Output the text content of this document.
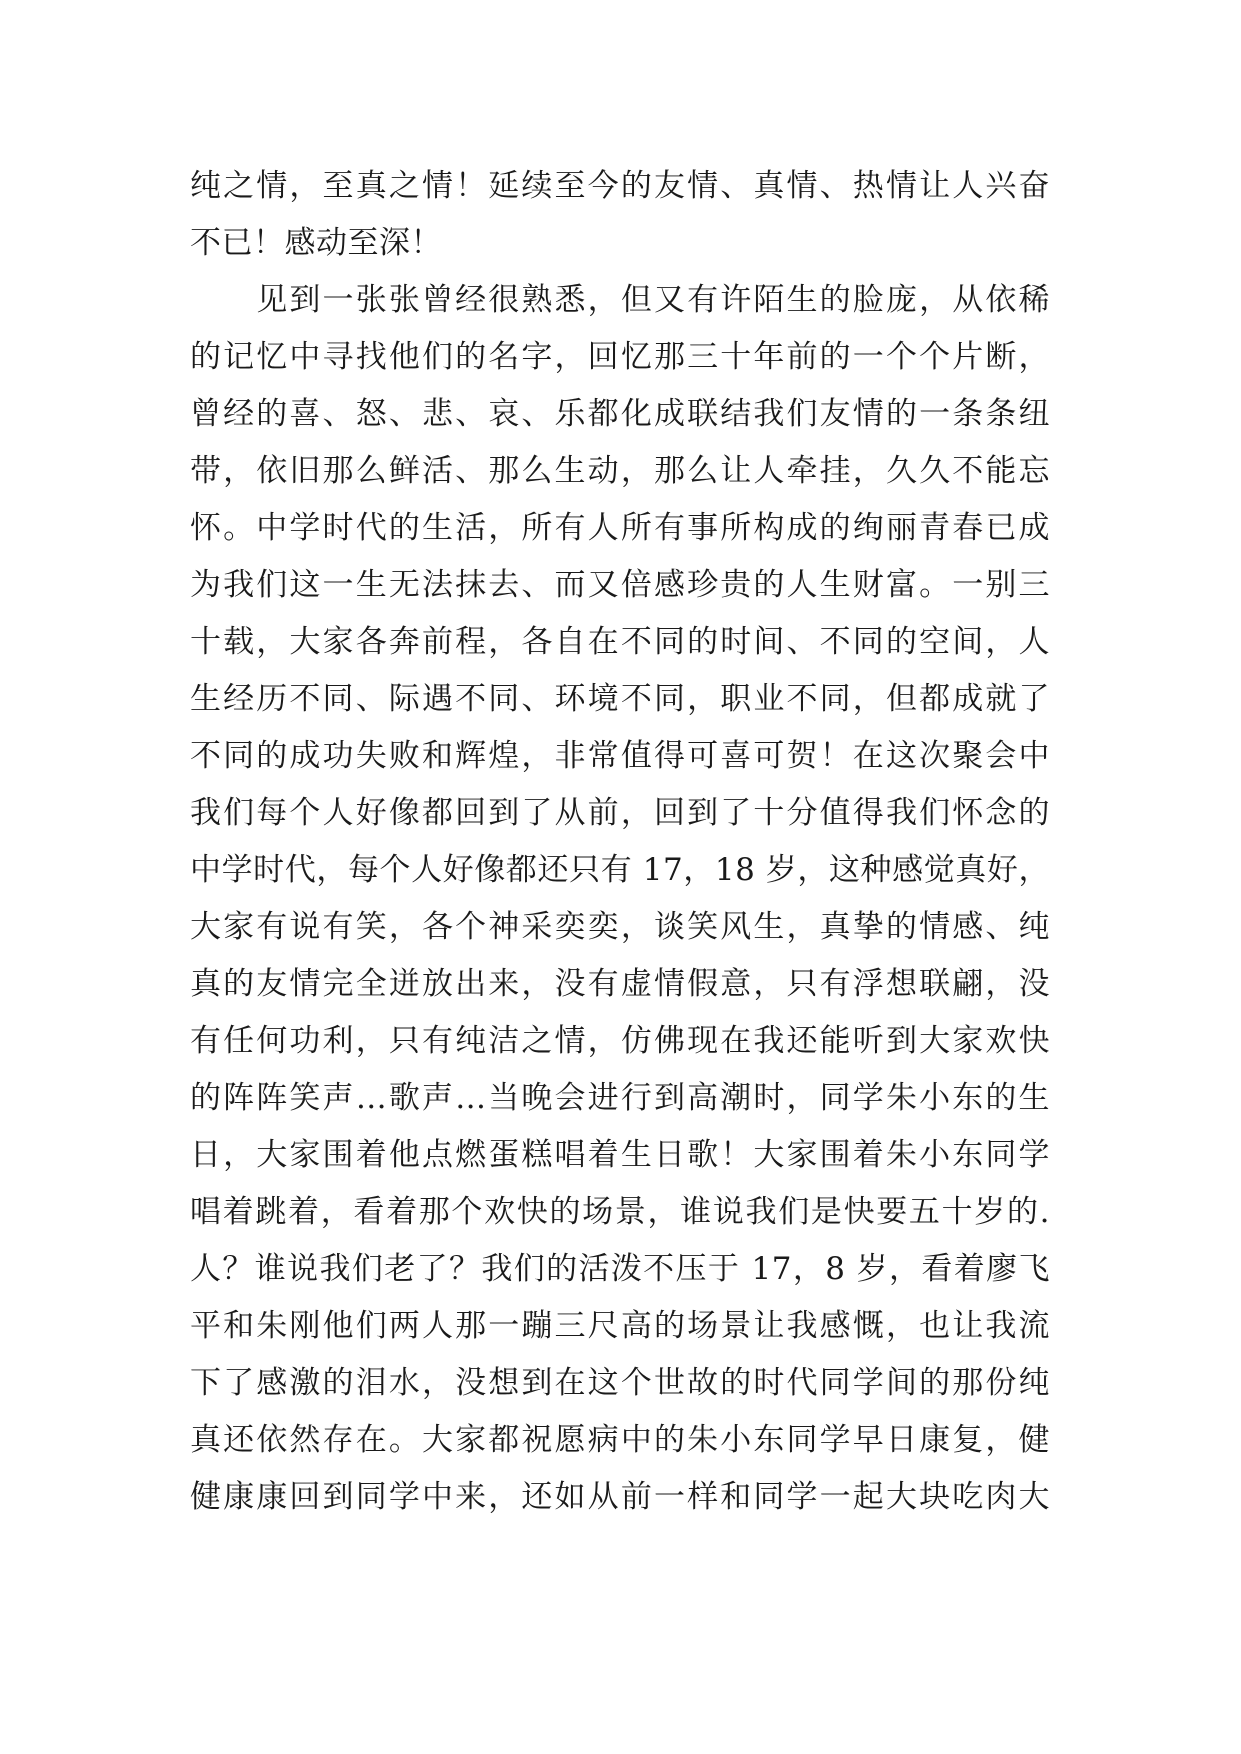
纯之情，至真之情！延续至今的友情、真情、热情让人兴奋
不已！感动至深！
　　见到一张张曾经很熟悉，但又有许陌生的脸庞，从依稀
的记忆中寻找他们的名字，回忆那三十年前的一个个片断，
曾经的喜、怒、悲、哀、乐都化成联结我们友情的一条条纽
带，依旧那么鲜活、那么生动，那么让人牵挂，久久不能忘
怀。中学时代的生活，所有人所有事所构成的绚丽青春已成
为我们这一生无法抹去、而又倍感珍贵的人生财富。一别三
十载，大家各奔前程，各自在不同的时间、不同的空间，人
生经历不同、际遇不同、环境不同，职业不同，但都成就了
不同的成功失败和辉煌，非常值得可喜可贺！在这次聚会中
我们每个人好像都回到了从前，回到了十分值得我们怀念的
中学时代，每个人好像都还只有 17，18 岁，这种感觉真好，
大家有说有笑，各个神采奕奕，谈笑风生，真挚的情感、纯
真的友情完全迸放出来，没有虚情假意，只有浮想联翩，没
有任何功利，只有纯洁之情，仿佛现在我还能听到大家欢快
的阵阵笑声…歌声…当晚会进行到高潮时，同学朱小东的生
日，大家围着他点燃蛋糕唱着生日歌！大家围着朱小东同学
唱着跳着，看着那个欢快的场景，谁说我们是快要五十岁的.
人？谁说我们老了？我们的活泼不压于 17，8 岁，看着廖飞
平和朱刚他们两人那一蹦三尺高的场景让我感慨，也让我流
下了感激的泪水，没想到在这个世故的时代同学间的那份纯
真还依然存在。大家都祝愿病中的朱小东同学早日康复，健
健康康回到同学中来，还如从前一样和同学一起大块吃肉大
